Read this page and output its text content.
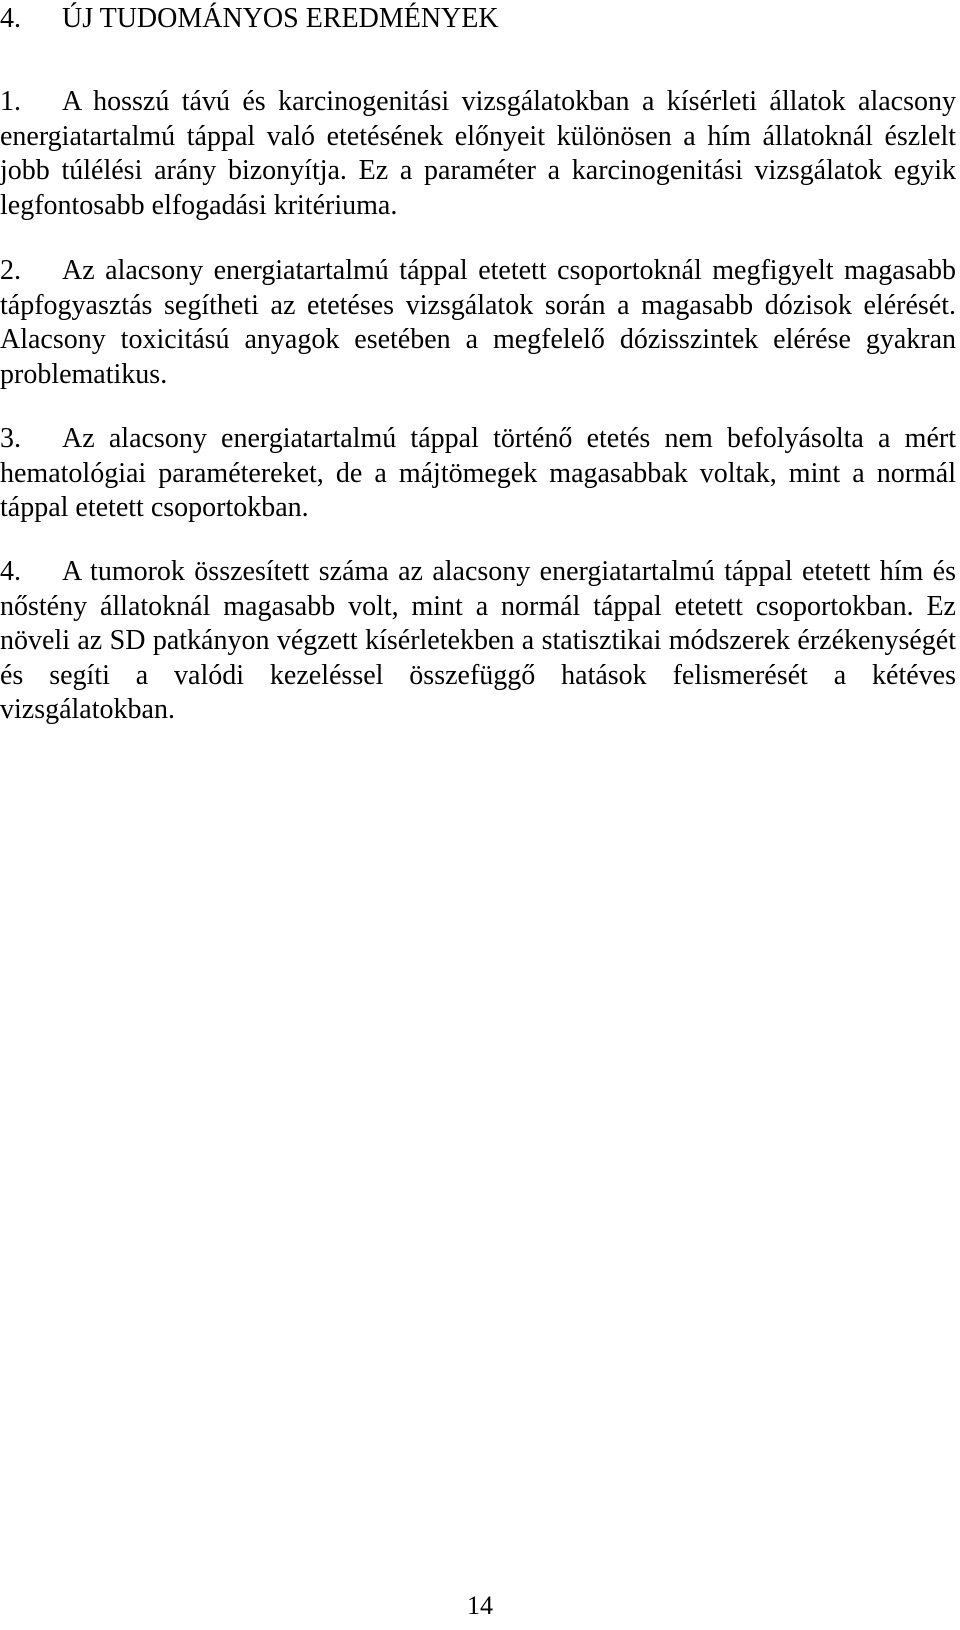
4. ÚJ TUDOMÁNYOS EREDMÉNYEK

1. A hosszú távú és karcinogenitási vizsgálatokban a kísérleti állatok alacsony energiatartalmú táppal való etetésének előnyeit különösen a hím állatoknál észlelt jobb túlélési arány bizonyítja. Ez a paraméter a karcinogenitási vizsgálatok egyik legfontosabb elfogadási kritériuma.

2. Az alacsony energiatartalmú táppal etetett csoportoknál megfigyelt magasabb tápfogyasztás segítheti az etetéses vizsgálatok során a magasabb dózisok elérését. Alacsony toxicitású anyagok esetében a megfelelő dózisszintek elérése gyakran problematikus.

3. Az alacsony energiatartalmú táppal történő etetés nem befolyásolta a mért hematológiai paramétereket, de a májtömegek magasabbak voltak, mint a normál táppal etetett csoportokban.

4. A tumorok összesített száma az alacsony energiatartalmú táppal etetett hím és nőstény állatoknál magasabb volt, mint a normál táppal etetett csoportokban. Ez növeli az SD patkányon végzett kísérletekben a statisztikai módszerek érzékenységét és segíti a valódi kezeléssel összefüggő hatások felismerését a kétéves vizsgálatokban.

14
